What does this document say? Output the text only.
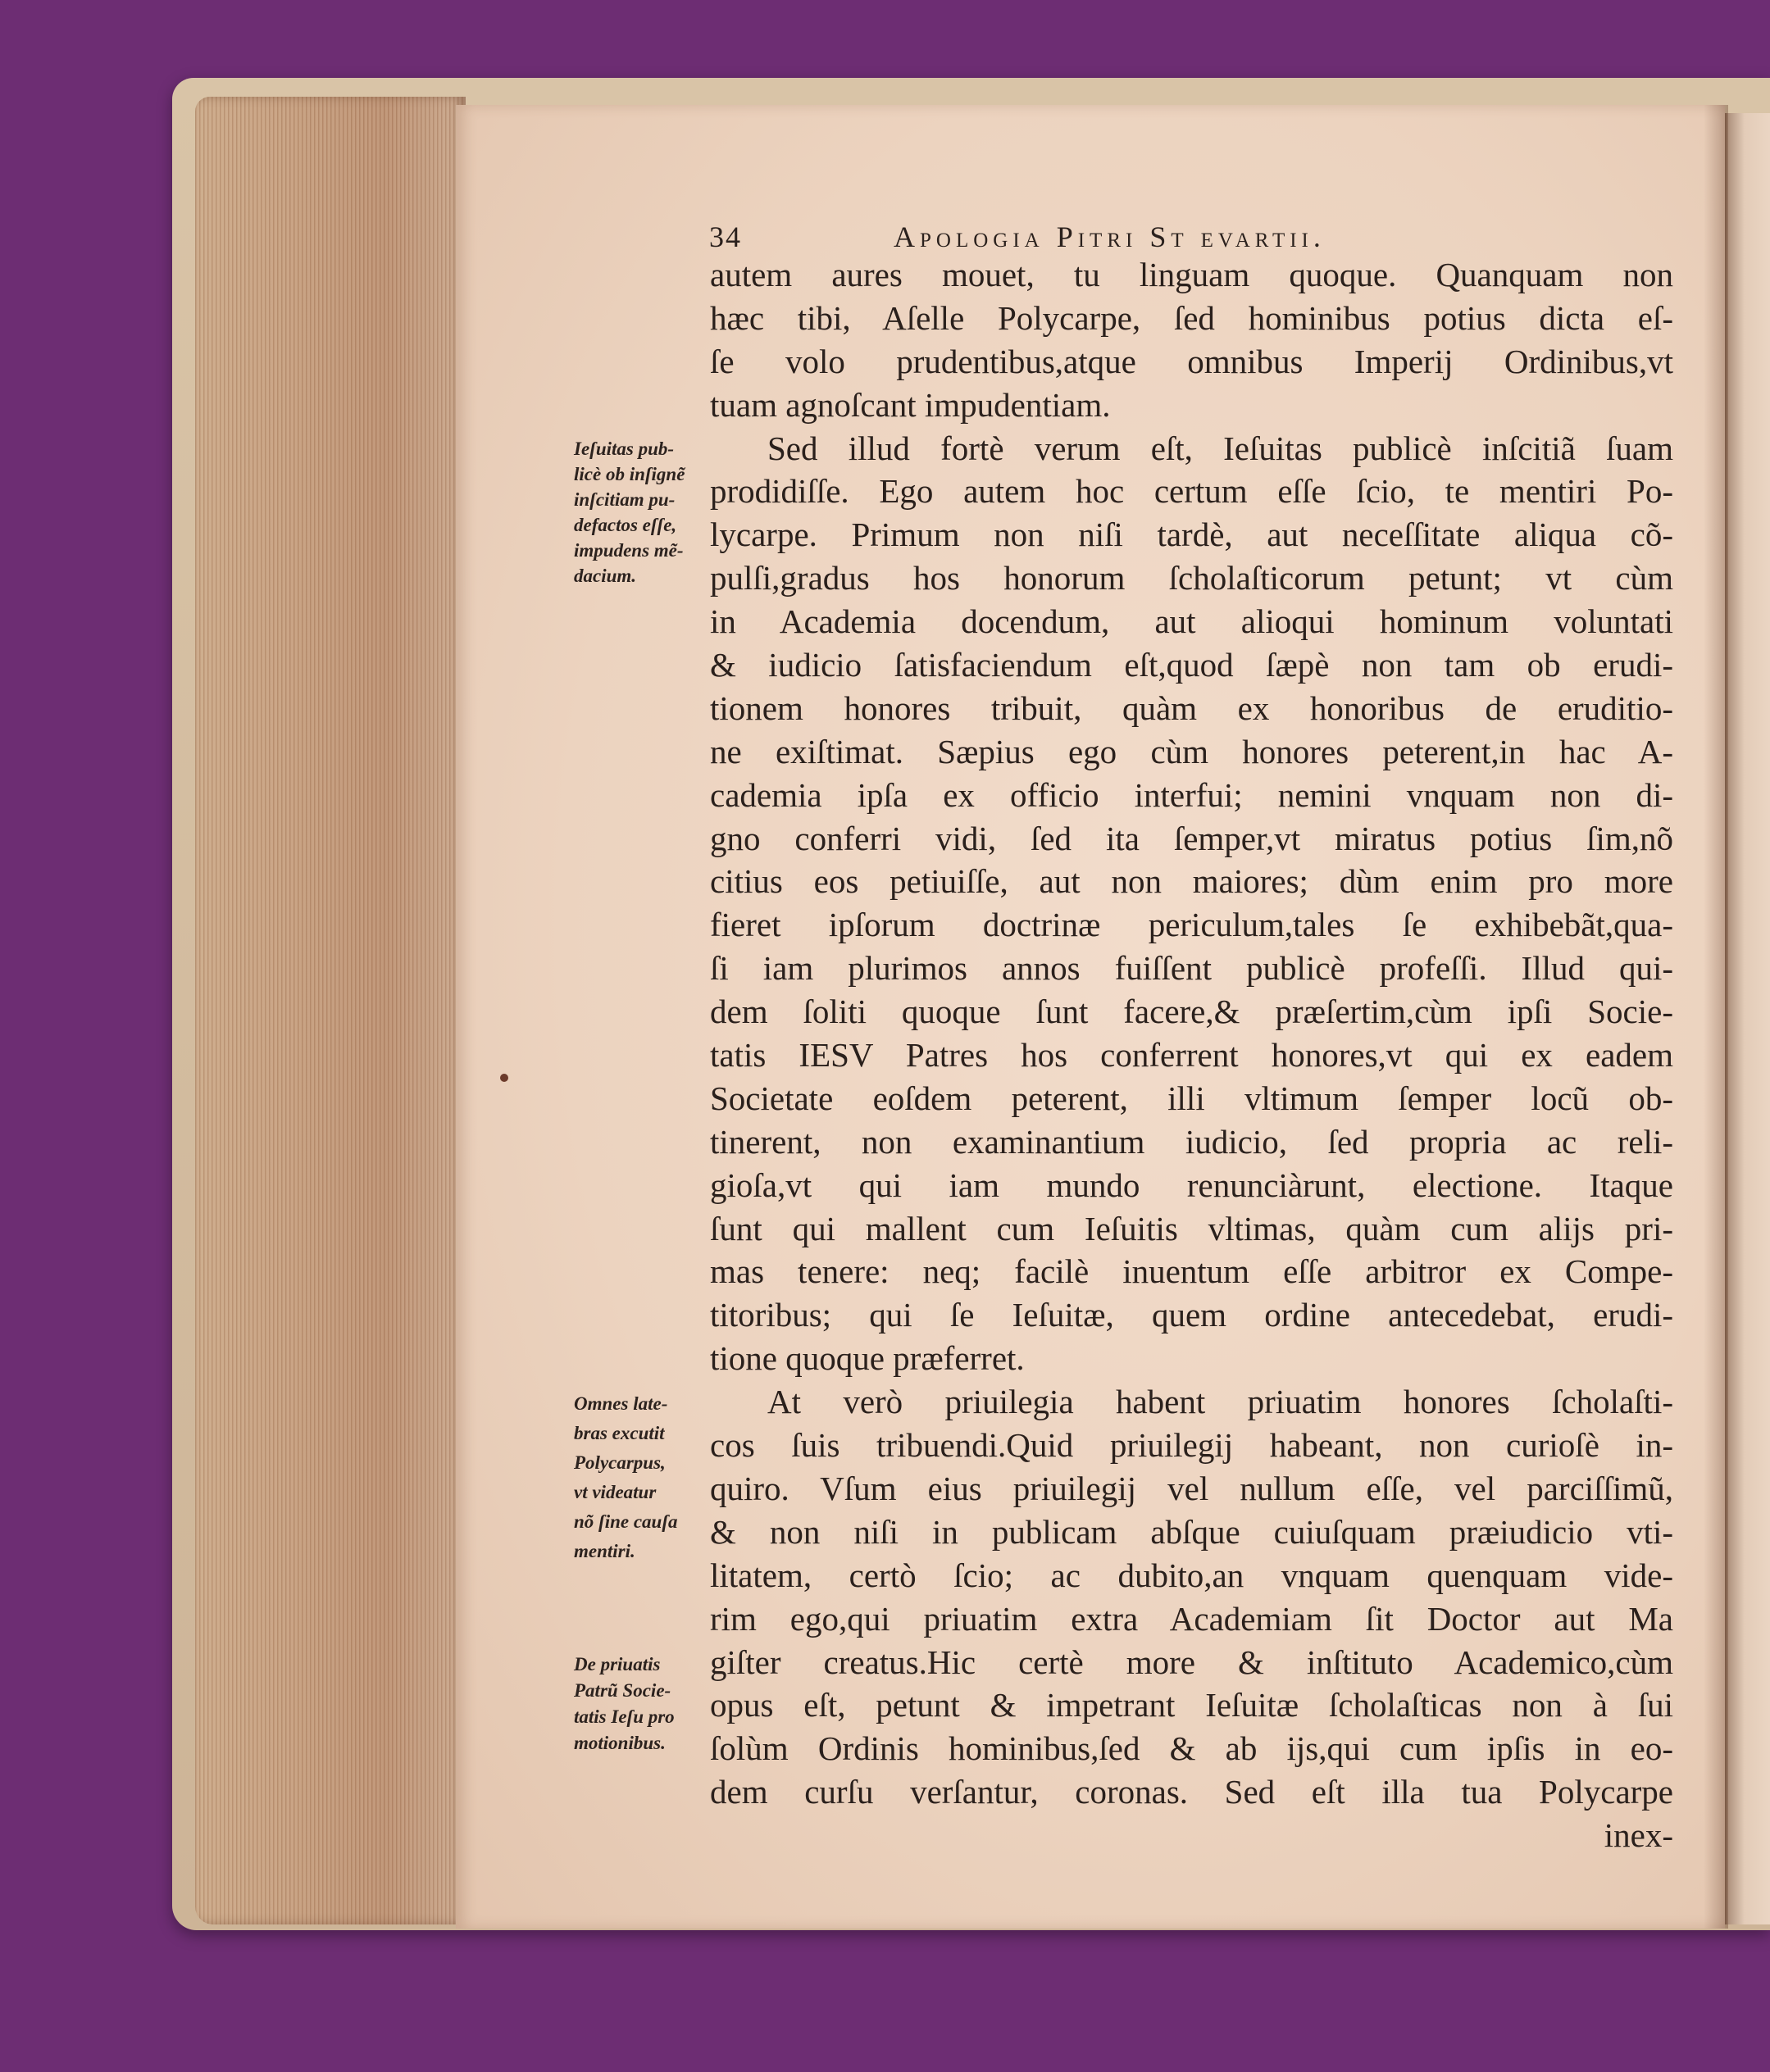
34	Apologia Pitri St evartii.
Ieſuitas pub-
licè ob inſignẽ
inſcitiam pu-
defactos eſſe,
impudens mẽ-
dacium.
Omnes late-
bras excutit
Polycarpus,
vt videatur
nõ ſine cauſa
mentiri.
De priuatis
Patrũ Socie-
tatis Ieſu pro
motionibus.
autem aures mouet, tu linguam quoque. Quanquam non
hæc tibi, Aſelle Polycarpe, ſed hominibus potius dicta eſ-
ſe volo prudentibus,atque omnibus Imperij Ordinibus,vt
tuam agnoſcant impudentiam.
Sed illud fortè verum eſt, Ieſuitas publicè inſcitiã ſuam
prodidiſſe. Ego autem hoc certum eſſe ſcio, te mentiri Po-
lycarpe. Primum non niſi tardè, aut neceſſitate aliqua cõ-
pulſi,gradus hos honorum ſcholaſticorum petunt; vt cùm
in Academia docendum, aut alioqui hominum voluntati
& iudicio ſatisfaciendum eſt,quod ſæpè non tam ob erudi-
tionem honores tribuit, quàm ex honoribus de eruditio-
ne exiſtimat. Sæpius ego cùm honores peterent,in hac A-
cademia ipſa ex officio interfui; nemini vnquam non di-
gno conferri vidi, ſed ita ſemper,vt miratus potius ſim,nõ
citius eos petiuiſſe, aut non maiores; dùm enim pro more
fieret ipſorum doctrinæ periculum,tales ſe exhibebãt,qua-
ſi iam plurimos annos fuiſſent publicè profeſſi. Illud qui-
dem ſoliti quoque ſunt facere,& præſertim,cùm ipſi Socie-
tatis IESV Patres hos conferrent honores,vt qui ex eadem
Societate eoſdem peterent, illi vltimum ſemper locũ ob-
tinerent, non examinantium iudicio, ſed propria ac reli-
gioſa,vt qui iam mundo renunciàrunt, electione. Itaque
ſunt qui mallent cum Ieſuitis vltimas, quàm cum alijs pri-
mas tenere: neq; facilè inuentum eſſe arbitror ex Compe-
titoribus; qui ſe Ieſuitæ, quem ordine antecedebat, erudi-
tione quoque præferret.
At verò priuilegia habent priuatim honores ſcholaſti-
cos ſuis tribuendi.Quid priuilegij habeant, non curioſè in-
quiro. Vſum eius priuilegij vel nullum eſſe, vel parciſſimũ,
& non niſi in publicam abſque cuiuſquam præiudicio vti-
litatem, certò ſcio; ac dubito,an vnquam quenquam vide-
rim ego,qui priuatim extra Academiam ſit Doctor aut Ma
giſter creatus.Hic certè more & inſtituto Academico,cùm
opus eſt, petunt & impetrant Ieſuitæ ſcholaſticas non à ſui
ſolùm Ordinis hominibus,ſed & ab ijs,qui cum ipſis in eo-
dem curſu verſantur, coronas. Sed eſt illa tua Polycarpe
inex-
